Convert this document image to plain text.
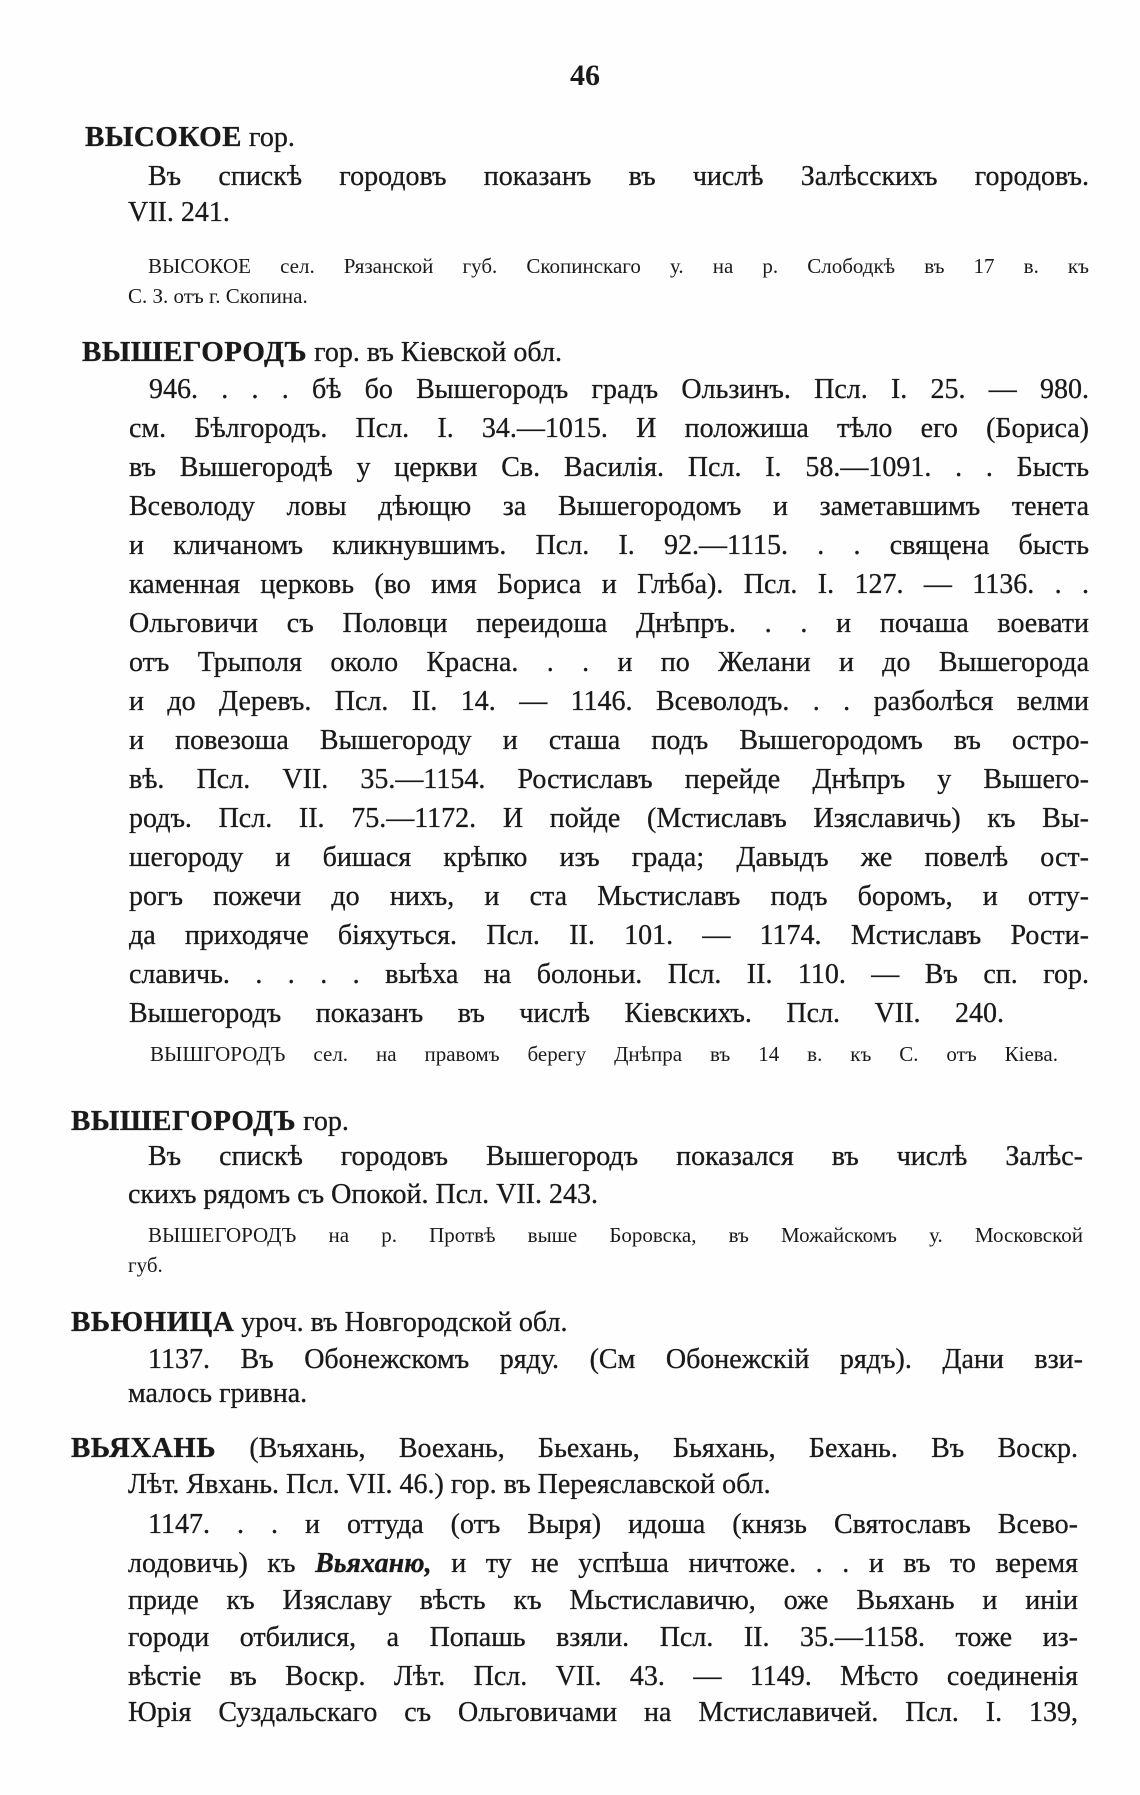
46
ВЫСОКОЕ гор.
Въ спискѣ городовъ показанъ въ числѣ Залѣсскихъ городовъ.
VII. 241.
ВЫСОКОЕ сел. Рязанской губ. Скопинскаго у. на р. Слободкѣ въ 17 в. къ
С. З. отъ г. Скопина.
ВЫШЕГОРОДЪ гор. въ Кіевской обл.
946. . . . бѣ бо Вышегородъ градъ Ользинъ. Псл. I. 25. — 980.
см. Бѣлгородъ. Псл. I. 34.—1015. И положиша тѣло его (Бориса)
въ Вышегородѣ у церкви Св. Василія. Псл. I. 58.—1091. . . Бысть
Всеволоду ловы дѣющю за Вышегородомъ и заметавшимъ тенета
и кличаномъ кликнувшимъ. Псл. I. 92.—1115. . . священа бысть
каменная церковь (во имя Бориса и Глѣба). Псл. I. 127. — 1136. . .
Ольговичи съ Половци переидоша Днѣпръ. . . и почаша воевати
отъ Трыполя около Красна. . . и по Желани и до Вышегорода
и до Деревъ. Псл. II. 14. — 1146. Всеволодъ. . . разболѣся велми
и повезоша Вышегороду и сташа подъ Вышегородомъ въ остро-
вѣ. Псл. VII. 35.—1154. Ростиславъ перейде Днѣпръ у Вышего-
родъ. Псл. II. 75.—1172. И пойде (Мстиславъ Изяславичь) къ Вы-
шегороду и бишася крѣпко изъ града; Давыдъ же повелѣ ост-
рогъ пожечи до нихъ, и ста Мьстиславъ подъ боромъ, и отту-
да приходяче біяхуться. Псл. II. 101. — 1174. Мстиславъ Рости-
славичь. . . . . выѣха на болоньи. Псл. II. 110. — Въ сп. гор.
Вышегородъ показанъ въ числѣ Кіевскихъ. Псл. VII. 240.
ВЫШГОРОДЪ сел. на правомъ берегу Днѣпра въ 14 в. къ С. отъ Кіева.
ВЫШЕГОРОДЪ гор.
Въ спискѣ городовъ Вышегородъ показался въ числѣ Залѣс-
скихъ рядомъ съ Опокой. Псл. VII. 243.
ВЫШЕГОРОДЪ на р. Протвѣ выше Боровска, въ Можайскомъ у. Московской
губ.
ВЬЮНИЦА уроч. въ Новгородской обл.
1137. Въ Обонежскомъ ряду. (См Обонежскій рядъ). Дани взи-
малось гривна.
ВЬЯХАНЬ (Въяхань, Воехань, Бьехань, Бьяхань, Бехань. Въ Воскр.
Лѣт. Явхань. Псл. VII. 46.) гор. въ Переяславской обл.
1147. . . и оттуда (отъ Выря) идоша (князь Святославъ Всево-
лодовичь) къ Вьяханю, и ту не успѣша ничтоже. . . и въ то веремя
приде къ Изяславу вѣсть къ Мьстиславичю, оже Вьяхань и иніи
городи отбилися, а Попашь взяли. Псл. II. 35.—1158. тоже из-
вѣстіе въ Воскр. Лѣт. Псл. VII. 43. — 1149. Мѣсто соединенія
Юрія Суздальскаго съ Ольговичами на Мстиславичей. Псл. I. 139,
